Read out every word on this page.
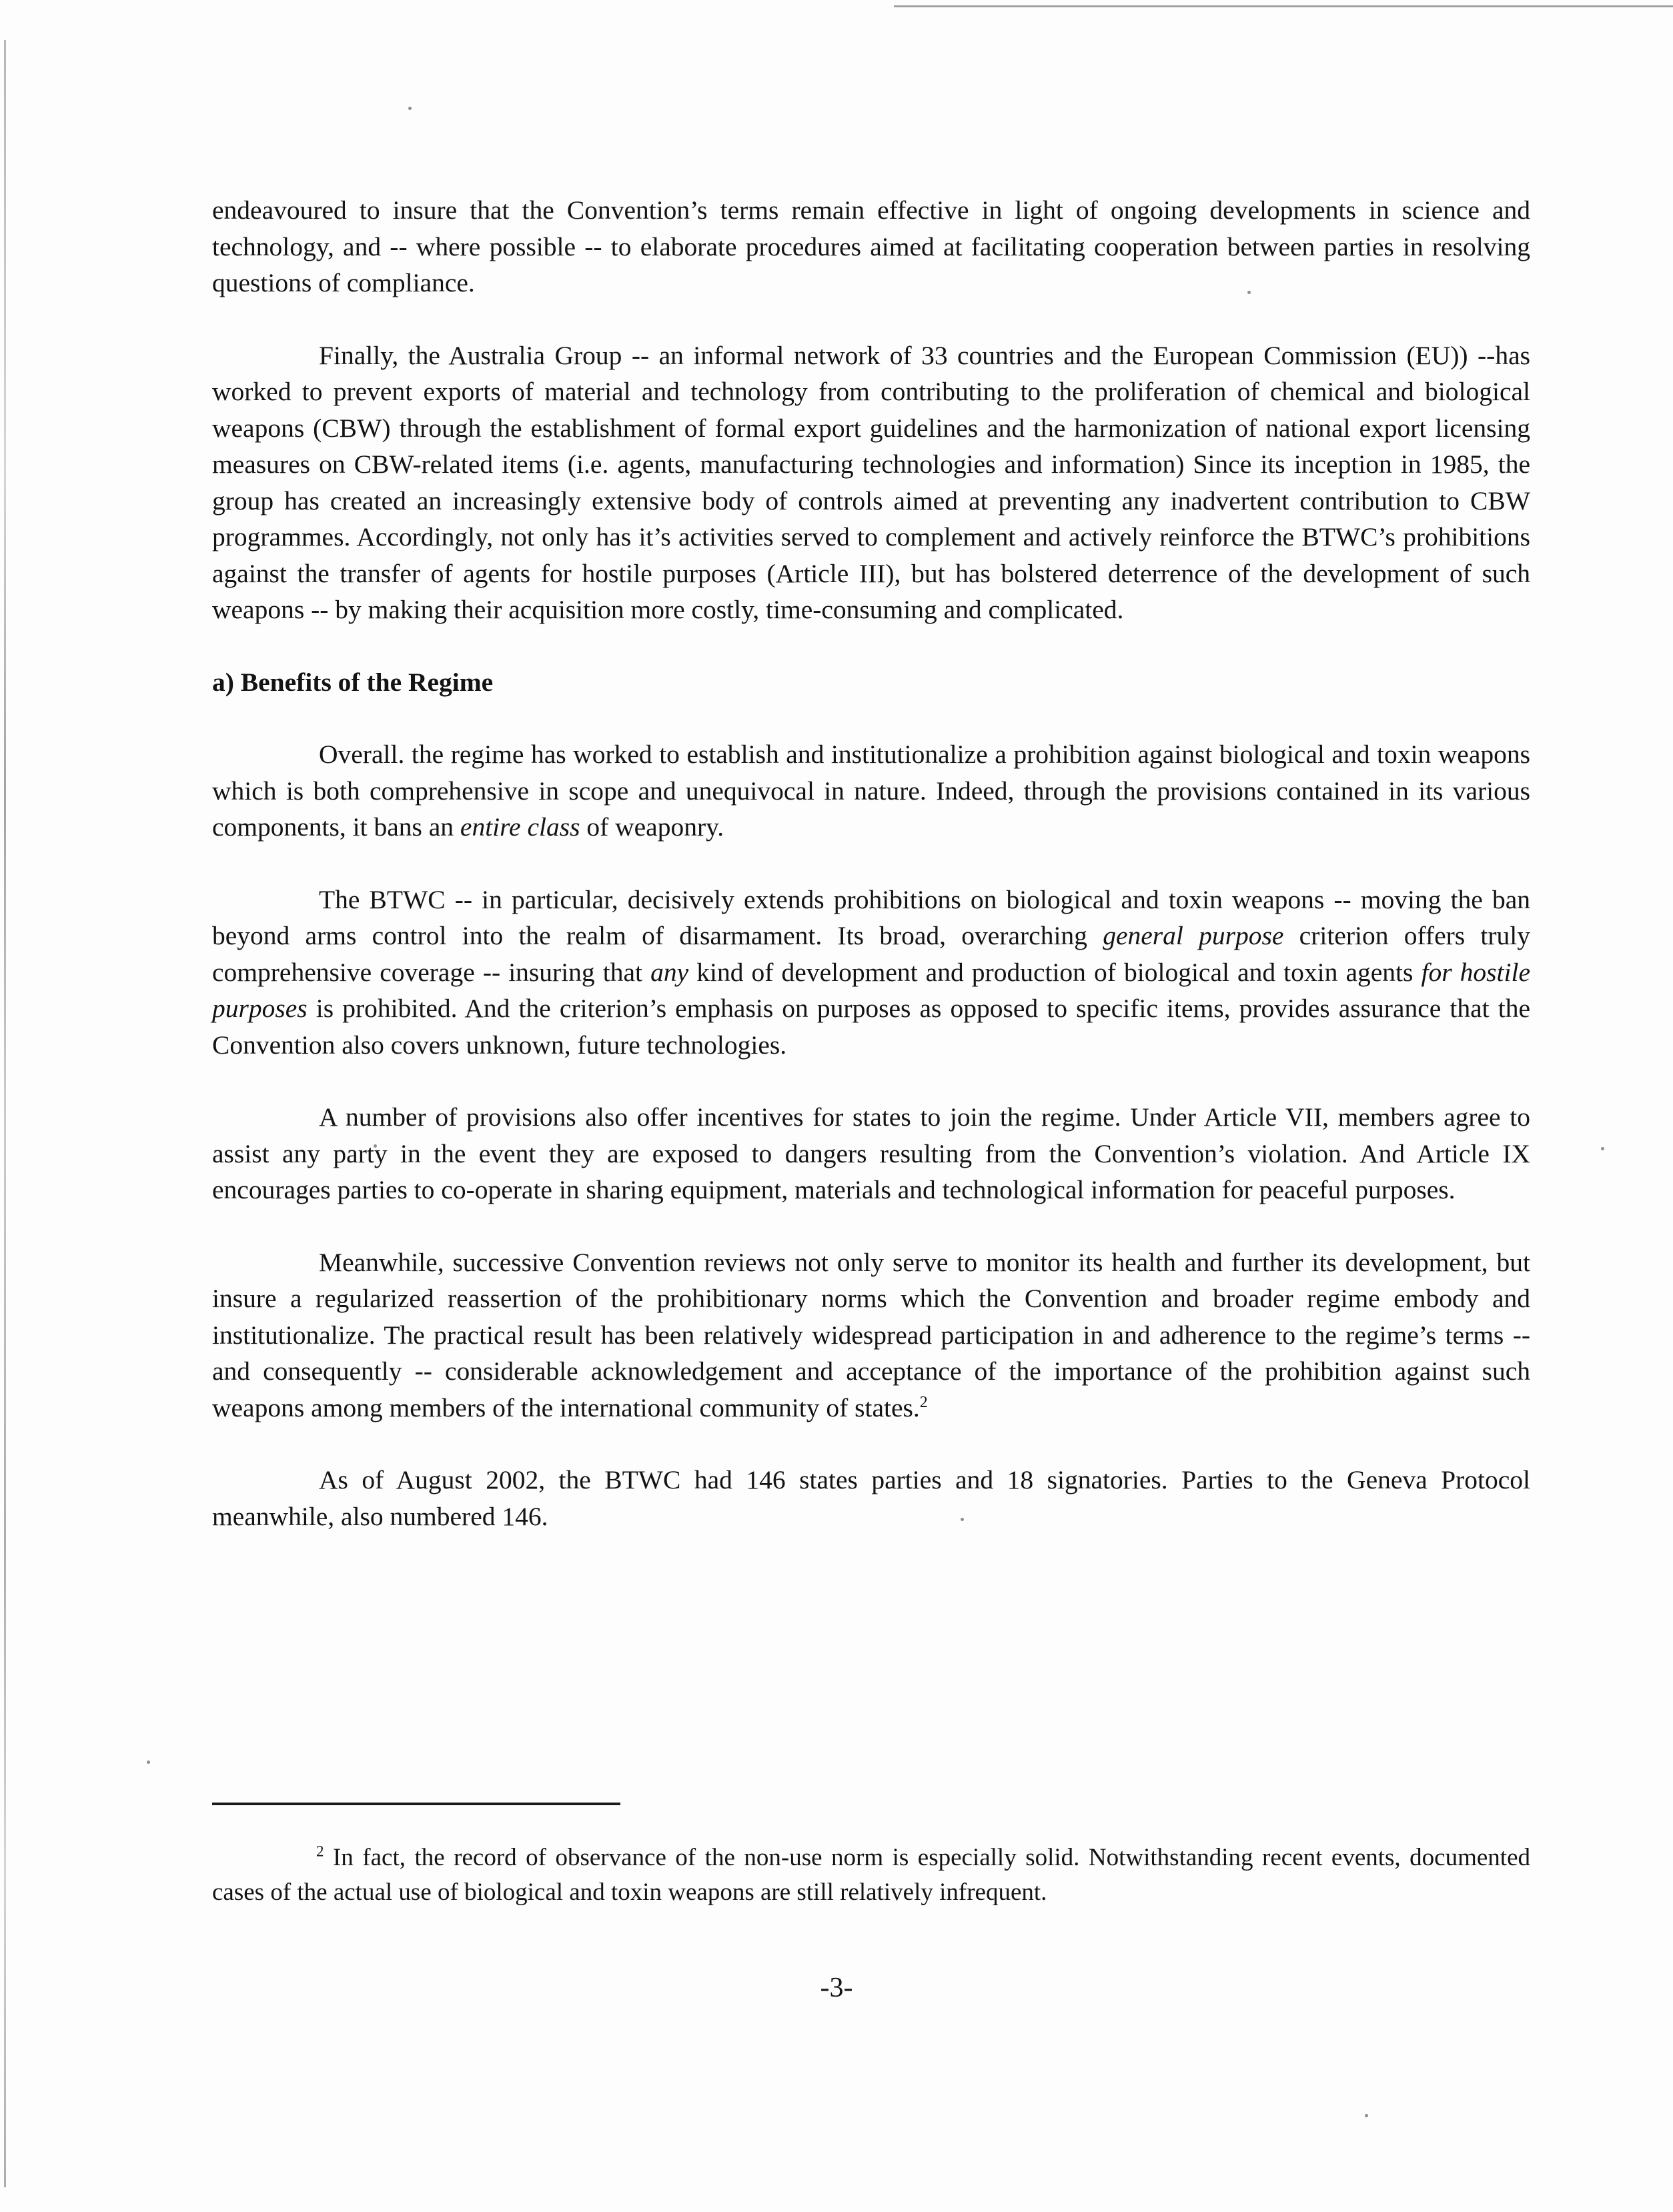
endeavoured to insure that the Convention’s terms remain effective in light of ongoing developments in science and technology, and -- where possible -- to elaborate procedures aimed at facilitating cooperation between parties in resolving questions of compliance.

Finally, the Australia Group -- an informal network of 33 countries and the European Commission (EU)) --has worked to prevent exports of material and technology from contributing to the proliferation of chemical and biological weapons (CBW) through the establishment of formal export guidelines and the harmonization of national export licensing measures on CBW-related items (i.e. agents, manufacturing technologies and information) Since its inception in 1985, the group has created an increasingly extensive body of controls aimed at preventing any inadvertent contribution to CBW programmes. Accordingly, not only has it’s activities served to complement and actively reinforce the BTWC’s prohibitions against the transfer of agents for hostile purposes (Article III), but has bolstered deterrence of the development of such weapons -- by making their acquisition more costly, time-consuming and complicated.

a) Benefits of the Regime

Overall. the regime has worked to establish and institutionalize a prohibition against biological and toxin weapons which is both comprehensive in scope and unequivocal in nature. Indeed, through the provisions contained in its various components, it bans an entire class of weaponry.

The BTWC -- in particular, decisively extends prohibitions on biological and toxin weapons -- moving the ban beyond arms control into the realm of disarmament. Its broad, overarching general purpose criterion offers truly comprehensive coverage -- insuring that any kind of development and production of biological and toxin agents for hostile purposes is prohibited. And the criterion’s emphasis on purposes as opposed to specific items, provides assurance that the Convention also covers unknown, future technologies.

A number of provisions also offer incentives for states to join the regime. Under Article VII, members agree to assist any party in the event they are exposed to dangers resulting from the Convention’s violation. And Article IX encourages parties to co-operate in sharing equipment, materials and technological information for peaceful purposes.

Meanwhile, successive Convention reviews not only serve to monitor its health and further its development, but insure a regularized reassertion of the prohibitionary norms which the Convention and broader regime embody and institutionalize. The practical result has been relatively widespread participation in and adherence to the regime’s terms -- and consequently -- considerable acknowledgement and acceptance of the importance of the prohibition against such weapons among members of the international community of states.$^2$

As of August 2002, the BTWC had 146 states parties and 18 signatories. Parties to the Geneva Protocol meanwhile, also numbered 146.

$^2$ In fact, the record of observance of the non-use norm is especially solid. Notwithstanding recent events, documented cases of the actual use of biological and toxin weapons are still relatively infrequent.

-3-
